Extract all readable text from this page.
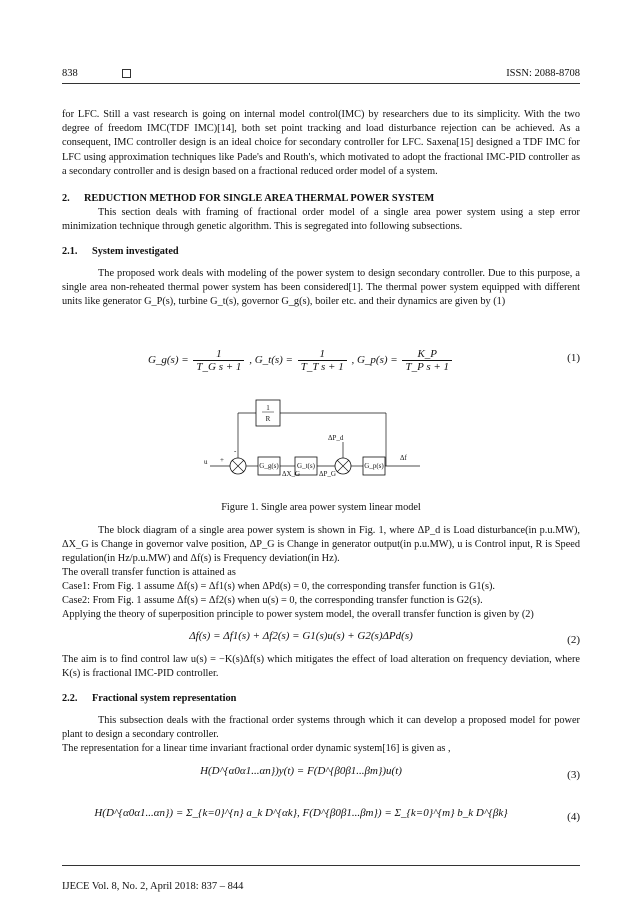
838	ISSN: 2088-8708

for LFC. Still a vast research is going on internal model control(IMC) by researchers due to its simplicity. With the two degree of freedom IMC(TDF IMC)[14], both set point tracking and load disturbance rejection can be achieved. As a consequent, IMC controller design is an ideal choice for secondary controller for LFC. Saxena[15] designed a TDF IMC for LFC using approximation techniques like Pade's and Routh's, which motivated to adopt the fractional IMC-PID controller as a secondary controller and is design based on a fractional reduced order model of a system.

2. REDUCTION METHOD FOR SINGLE AREA THERMAL POWER SYSTEM

This section deals with framing of fractional order model of a single area power system using a step error minimization technique through genetic algorithm. This is segregated into following subsections.

2.1. System investigated

The proposed work deals with modeling of the power system to design secondary controller. Due to this purpose, a single area non-reheated thermal power system has been considered[1]. The thermal power system equipped with different units like generator G_P(s), turbine G_t(s), governor G_g(s), boiler etc. and their dynamics are given by (1)

G_g(s) = $\frac{1}{\text{T\_G s + 1}}$ , G_t(s) = $\frac{1}{\text{T\_T s + 1}}$ , G_p(s) = $\frac{K\_P}{\text{T\_P s + 1}}$	(1)
1
R
u +
-
G_g(s)
ΔX_G
G_t(s)
ΔP_G
ΔP_d
G_p(s)
Δf
Figure 1. Single area power system linear model

The block diagram of a single area power system is shown in Fig. 1, where ΔP_d is Load disturbance(in p.u.MW), ΔX_G is Change in governor valve position, ΔP_G is Change in generator output(in p.u.MW), u is Control input, R is Speed regulation(in Hz/p.u.MW) and Δf(s) is Frequency deviation(in Hz).

The overall transfer function is attained as

Case1: From Fig. 1 assume Δf(s) = Δf1(s) when ΔPd(s) = 0, the corresponding transfer function is G1(s).

Case2: From Fig. 1 assume Δf(s) = Δf2(s) when u(s) = 0, the corresponding transfer function is G2(s).

Applying the theory of superposition principle to power system model, the overall transfer function is given by (2)

Δf(s) = Δf1(s) + Δf2(s) = G1(s)u(s) + G2(s)ΔPd(s)	(2)

The aim is to find control law u(s) = −K(s)Δf(s) which mitigates the effect of load alteration on frequency deviation, where K(s) is fractional IMC-PID controller.

2.2. Fractional system representation

This subsection deals with the fractional order systems through which it can develop a proposed model for power plant to design a secondary controller.

The representation for a linear time invariant fractional order dynamic system[16] is given as ,

H(D^{α0α1...αn})y(t) = F(D^{β0β1...βm})u(t)	(3)
H(D^{α0α1...αn}) = Σ_{k=0}^{n} a_k D^{αk}, F(D^{β0β1...βm}) = Σ_{k=0}^{m} b_k D^{βk}	(4)
IJECE Vol. 8, No. 2, April 2018: 837 – 844
